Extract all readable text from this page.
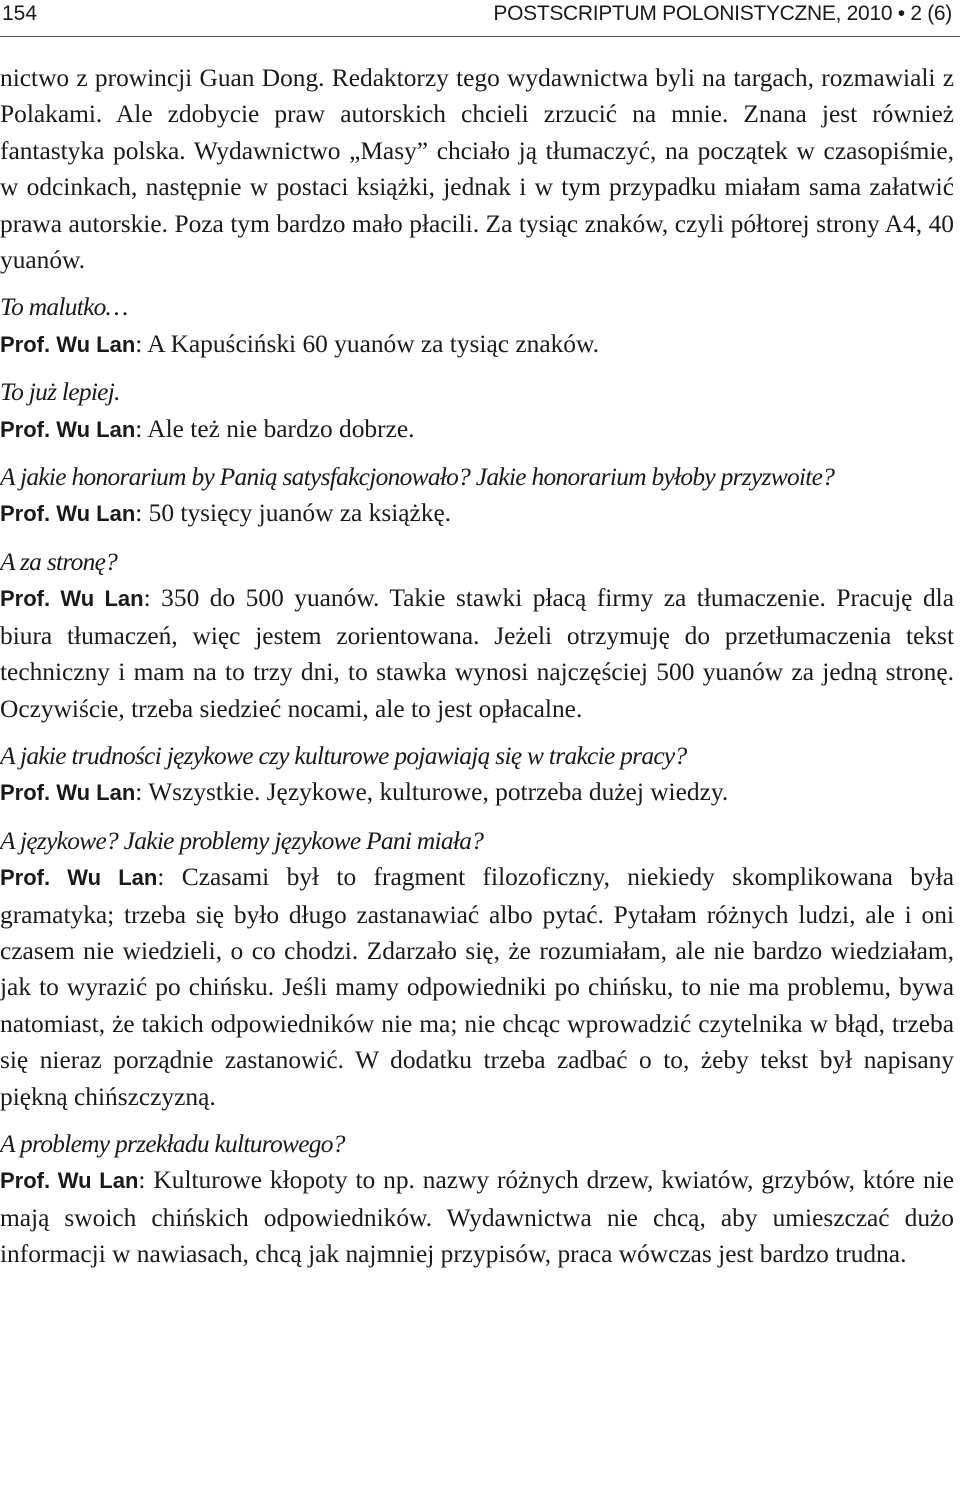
154	POSTSCRIPTUM POLONISTYCZNE, 2010 • 2 (6)

nictwo z prowincji Guan Dong. Redaktorzy tego wydawnictwa byli na targach, rozmawiali z Polakami. Ale zdobycie praw autorskich chcieli zrzucić na mnie. Znana jest również fantastyka polska. Wydawnictwo „Masy” chciało ją tłumaczyć, na początek w czasopiśmie, w odcinkach, następnie w postaci książki, jednak i w tym przypadku miałam sama załatwić prawa autorskie. Poza tym bardzo mało płacili. Za tysiąc znaków, czyli półtorej strony A4, 40 yuanów.

To malutko…

Prof. Wu Lan: A Kapuściński 60 yuanów za tysiąc znaków.

To już lepiej.

Prof. Wu Lan: Ale też nie bardzo dobrze.

A jakie honorarium by Panią satysfakcjonowało? Jakie honorarium byłoby przyzwoite?

Prof. Wu Lan: 50 tysięcy juanów za książkę.

A za stronę?

Prof. Wu Lan: 350 do 500 yuanów. Takie stawki płacą firmy za tłumaczenie. Pracuję dla biura tłumaczeń, więc jestem zorientowana. Jeżeli otrzymuję do przetłumaczenia tekst techniczny i mam na to trzy dni, to stawka wynosi najczęściej 500 yuanów za jedną stronę. Oczywiście, trzeba siedzieć nocami, ale to jest opłacalne.

A jakie trudności językowe czy kulturowe pojawiają się w trakcie pracy?

Prof. Wu Lan: Wszystkie. Językowe, kulturowe, potrzeba dużej wiedzy.

A językowe? Jakie problemy językowe Pani miała?

Prof. Wu Lan: Czasami był to fragment filozoficzny, niekiedy skomplikowana była gramatyka; trzeba się było długo zastanawiać albo pytać. Pytałam różnych ludzi, ale i oni czasem nie wiedzieli, o co chodzi. Zdarzało się, że rozumiałam, ale nie bardzo wiedziałam, jak to wyrazić po chińsku. Jeśli mamy odpowiedniki po chińsku, to nie ma problemu, bywa natomiast, że takich odpowiedników nie ma; nie chcąc wprowadzić czytelnika w błąd, trzeba się nieraz porządnie zastanowić. W dodatku trzeba zadbać o to, żeby tekst był napisany piękną chińszczyzną.

A problemy przekładu kulturowego?

Prof. Wu Lan: Kulturowe kłopoty to np. nazwy różnych drzew, kwiatów, grzybów, które nie mają swoich chińskich odpowiedników. Wydawnictwa nie chcą, aby umieszczać dużo informacji w nawiasach, chcą jak najmniej przypisów, praca wówczas jest bardzo trudna.
